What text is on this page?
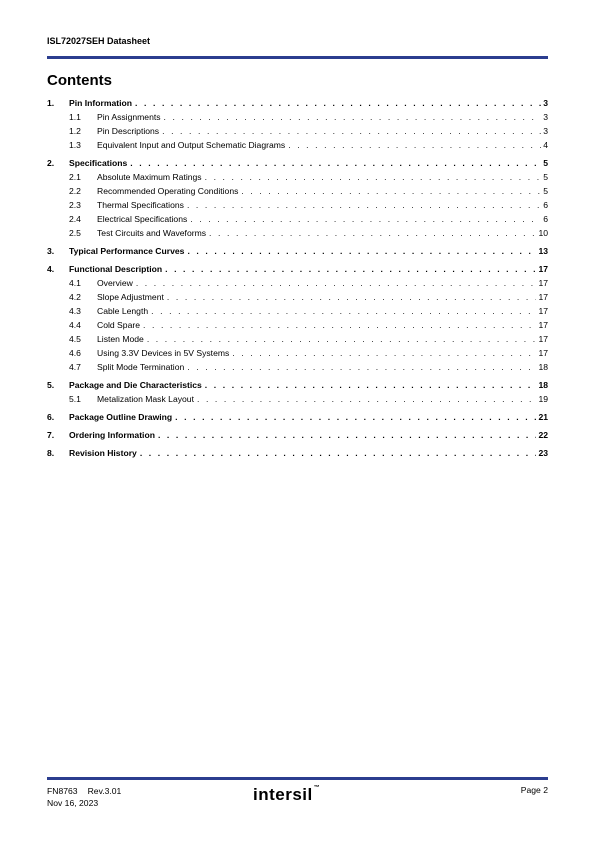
ISL72027SEH Datasheet
Contents
1.	Pin Information . . .	3
1.1	Pin Assignments . . .	3
1.2	Pin Descriptions . . .	3
1.3	Equivalent Input and Output Schematic Diagrams . . .	4
2.	Specifications . . .	5
2.1	Absolute Maximum Ratings . . .	5
2.2	Recommended Operating Conditions . . .	5
2.3	Thermal Specifications . . .	6
2.4	Electrical Specifications . . .	6
2.5	Test Circuits and Waveforms . . .	10
3.	Typical Performance Curves . . .	13
4.	Functional Description . . .	17
4.1	Overview . . .	17
4.2	Slope Adjustment . . .	17
4.3	Cable Length . . .	17
4.4	Cold Spare . . .	17
4.5	Listen Mode . . .	17
4.6	Using 3.3V Devices in 5V Systems . . .	17
4.7	Split Mode Termination . . .	18
5.	Package and Die Characteristics . . .	18
5.1	Metalization Mask Layout . . .	19
6.	Package Outline Drawing . . .	21
7.	Ordering Information . . .	22
8.	Revision History . . .	23
FN8763 Rev.3.01
Nov 16, 2023	intersil™	Page 2
